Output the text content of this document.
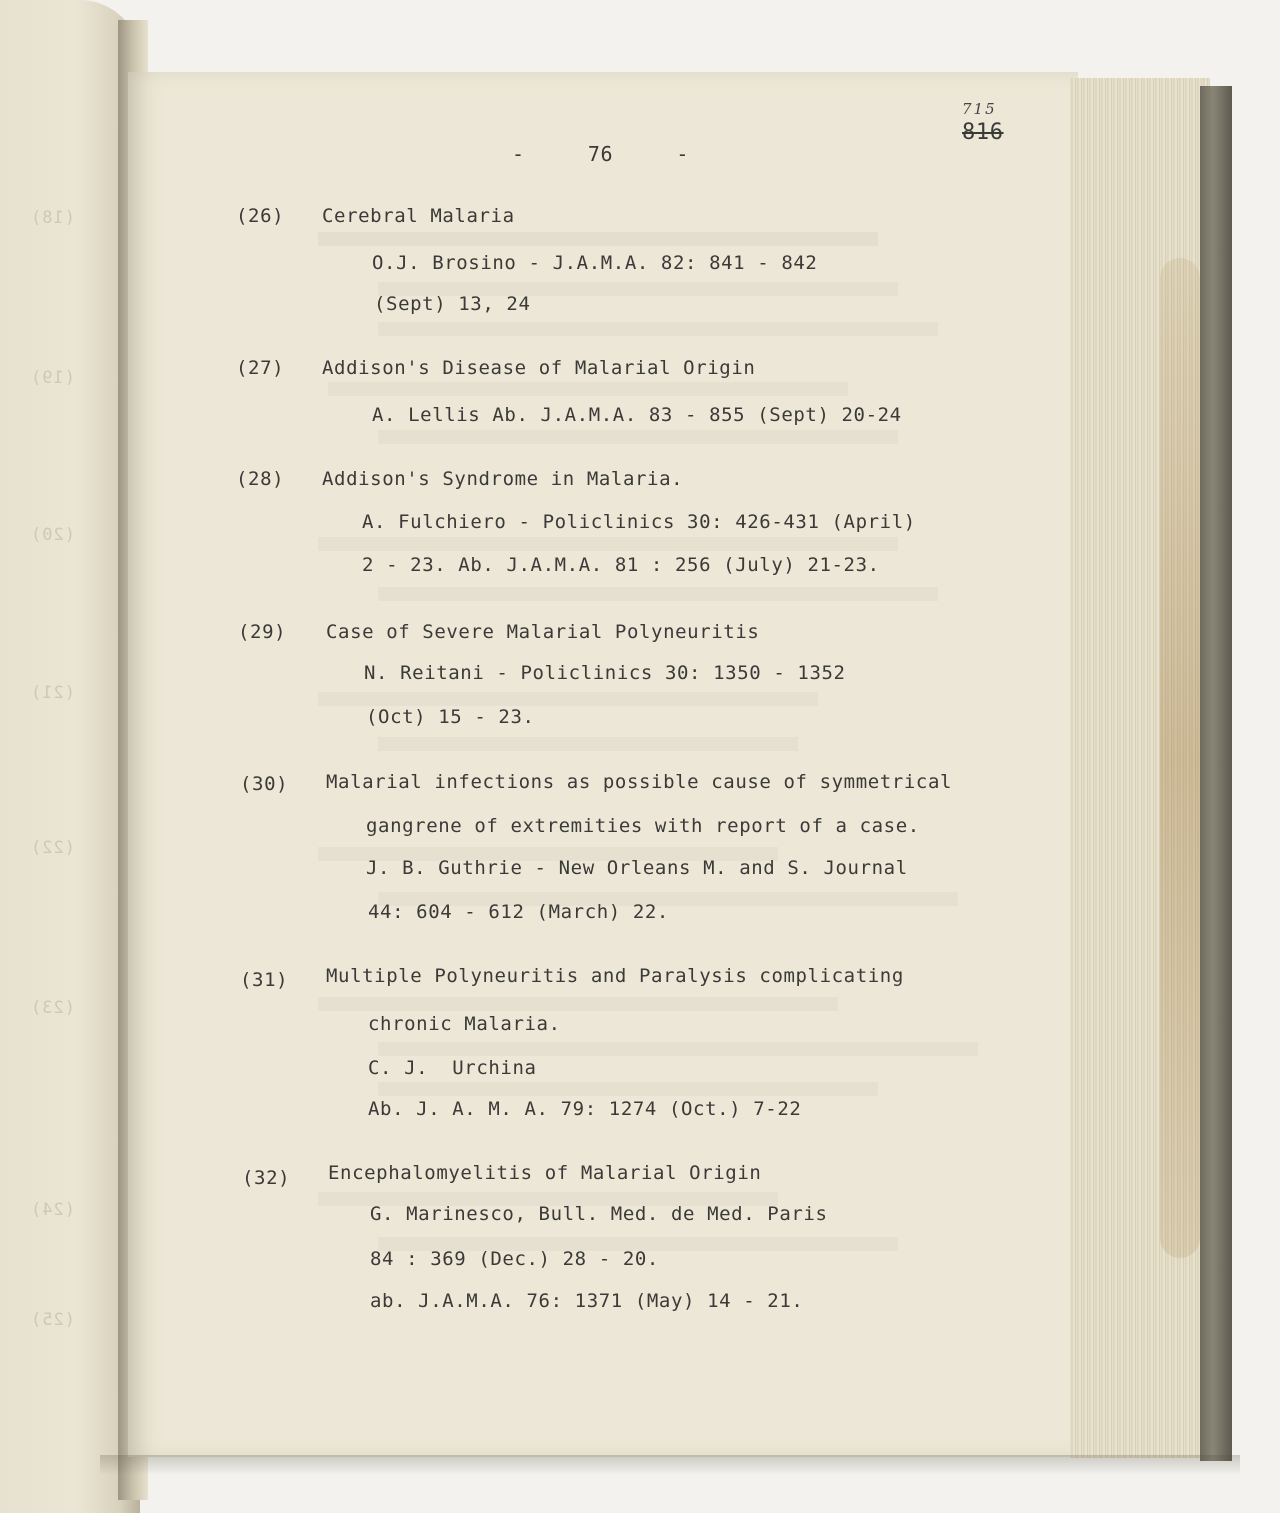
(18)
(19)
(20)
(21)
(22)
(23)
(24)
(25)
-     76     -
715
816
(26) Cerebral Malaria
O.J. Brosino - J.A.M.A. 82: 841 - 842
(Sept) 13, 24
(27) Addison's Disease of Malarial Origin
A. Lellis Ab. J.A.M.A. 83 - 855 (Sept) 20-24
(28) Addison's Syndrome in Malaria.
A. Fulchiero - Policlinics 30: 426-431 (April)
2 - 23. Ab. J.A.M.A. 81 : 256 (July) 21-23.
(29) Case of Severe Malarial Polyneuritis
N. Reitani - Policlinics 30: 1350 - 1352
(Oct) 15 - 23.
(30) Malarial infections as possible cause of symmetrical
gangrene of extremities with report of a case.
J. B. Guthrie - New Orleans M. and S. Journal
44: 604 - 612 (March) 22.
(31) Multiple Polyneuritis and Paralysis complicating
chronic Malaria.
C. J.  Urchina
Ab. J. A. M. A. 79: 1274 (Oct.) 7-22
(32) Encephalomyelitis of Malarial Origin
G. Marinesco, Bull. Med. de Med. Paris
84 : 369 (Dec.) 28 - 20.
ab. J.A.M.A. 76: 1371 (May) 14 - 21.
